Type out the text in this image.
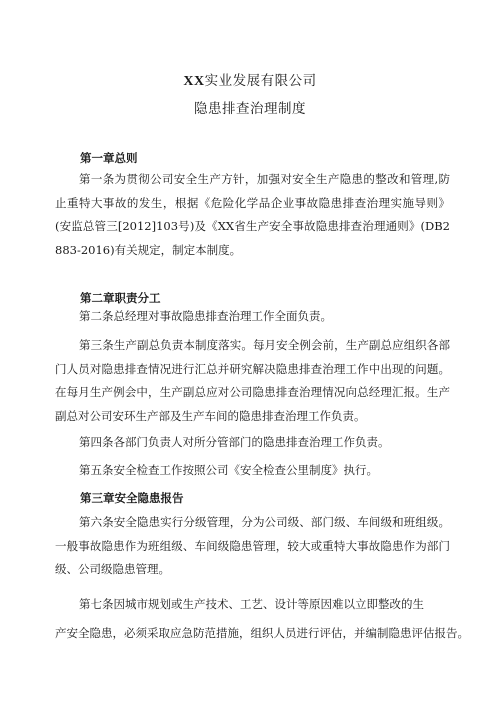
XX实业发展有限公司
隐患排查治理制度
第一章总则
第一条为贯彻公司安全生产方针，加强对安全生产隐患的整改和管理,防止重特大事故的发生，根据《危险化学品企业事故隐患排查治理实施导则》(安监总管三[2012]103号)及《XX省生产安全事故隐患排查治理通则》(DB2883-2016)有关规定，制定本制度。
第二章职责分工
第二条总经理对事故隐患排查治理工作全面负责。
第三条生产副总负责本制度落实。每月安全例会前，生产副总应组织各部门人员对隐患排查情况进行汇总并研究解决隐患排查治理工作中出现的问题。在每月生产例会中，生产副总应对公司隐患排查治理情况向总经理汇报。生产副总对公司安环生产部及生产车间的隐患排查治理工作负责。
第四条各部门负责人对所分管部门的隐患排查治理工作负责。
第五条安全检查工作按照公司《安全检查公里制度》执行。
第三章安全隐患报告
第六条安全隐患实行分级管理，分为公司级、部门级、车间级和班组级。一般事故隐患作为班组级、车间级隐患管理，较大或重特大事故隐患作为部门级、公司级隐患管理。
第七条因城市规划或生产技术、工艺、设计等原因难以立即整改的生
产安全隐患，必须采取应急防范措施，组织人员进行评估，并编制隐患评估报告。
